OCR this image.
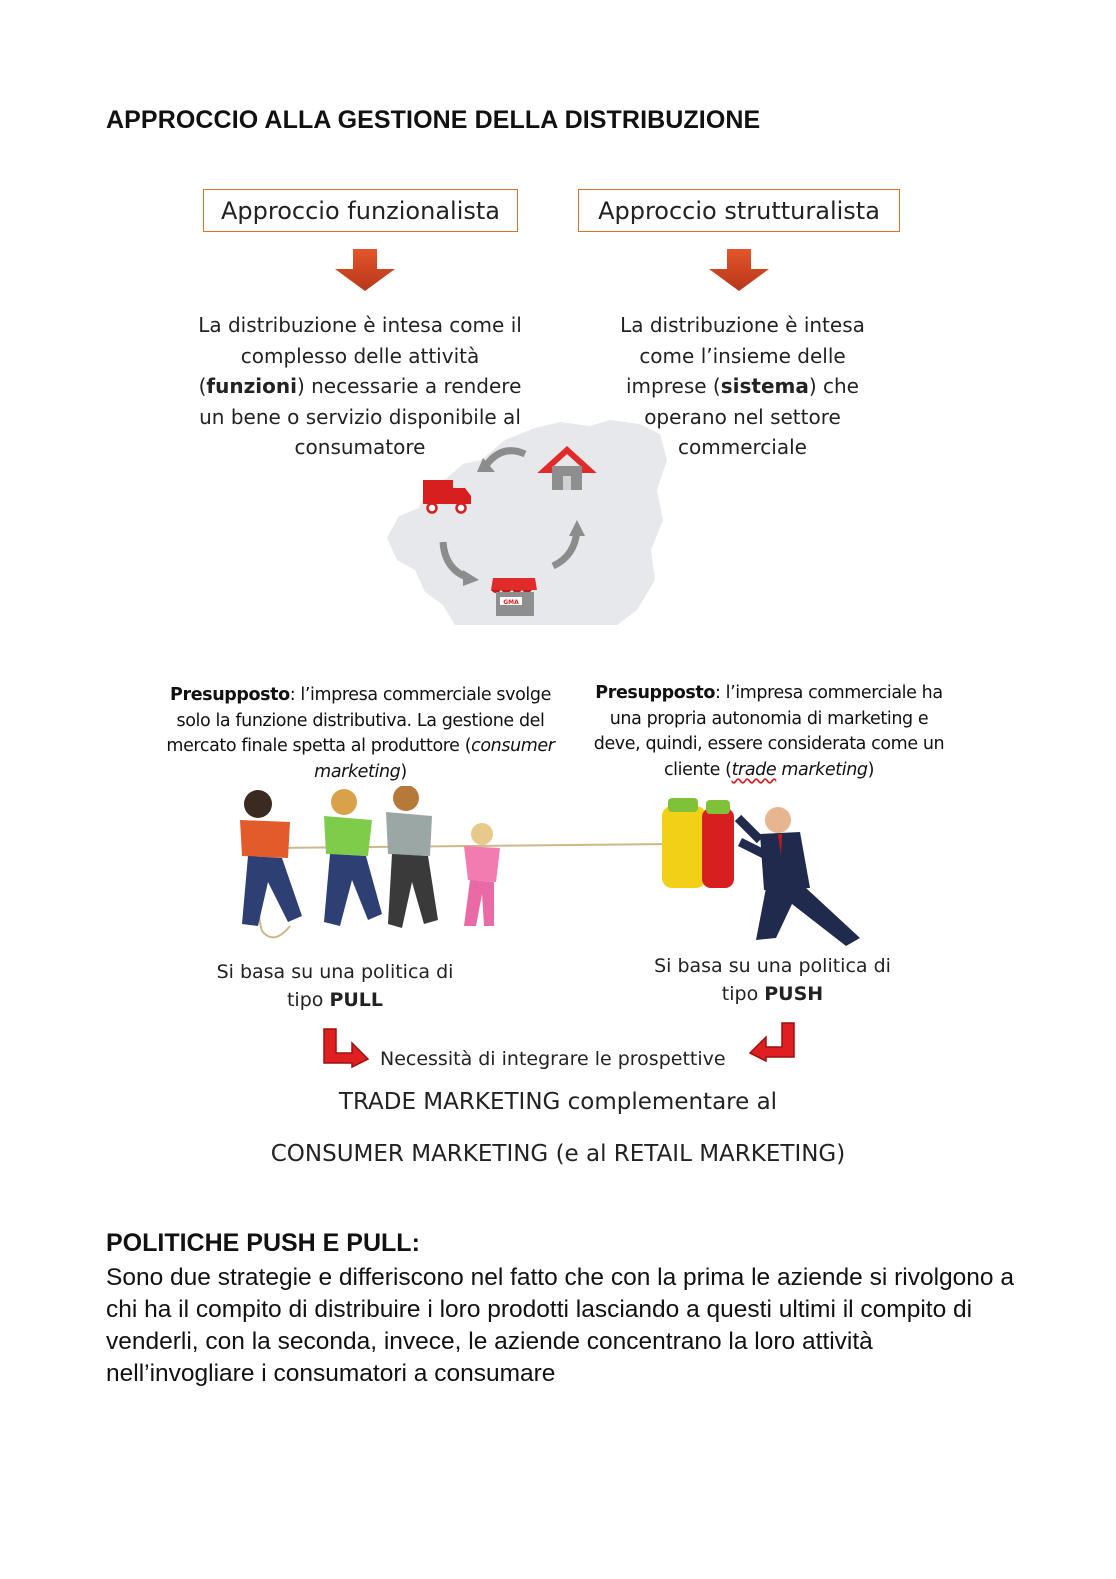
APPROCCIO ALLA GESTIONE DELLA DISTRIBUZIONE
Approccio funzionalista	Approccio strutturalista
GMA
La distribuzione è intesa come il complesso delle attività (funzioni) necessarie a rendere un bene o servizio disponibile al consumatore
La distribuzione è intesa come l’insieme delle imprese (sistema) che operano nel settore commerciale
Presupposto: l’impresa commerciale svolge solo la funzione distributiva. La gestione del mercato finale spetta al produttore (consumer marketing)
Presupposto: l’impresa commerciale ha una propria autonomia di marketing e deve, quindi, essere considerata come un cliente (trade marketing)
Si basa su una politica di tipo PULL
Si basa su una politica di tipo PUSH
Necessità di integrare le prospettive
TRADE MARKETING complementare al
CONSUMER MARKETING (e al RETAIL MARKETING)
POLITICHE PUSH E PULL:
Sono due strategie e differiscono nel fatto che con la prima le aziende si rivolgono a chi ha il compito di distribuire i loro prodotti lasciando a questi ultimi il compito di venderli, con la seconda, invece, le aziende concentrano la loro attività nell’invogliare i consumatori a consumare
